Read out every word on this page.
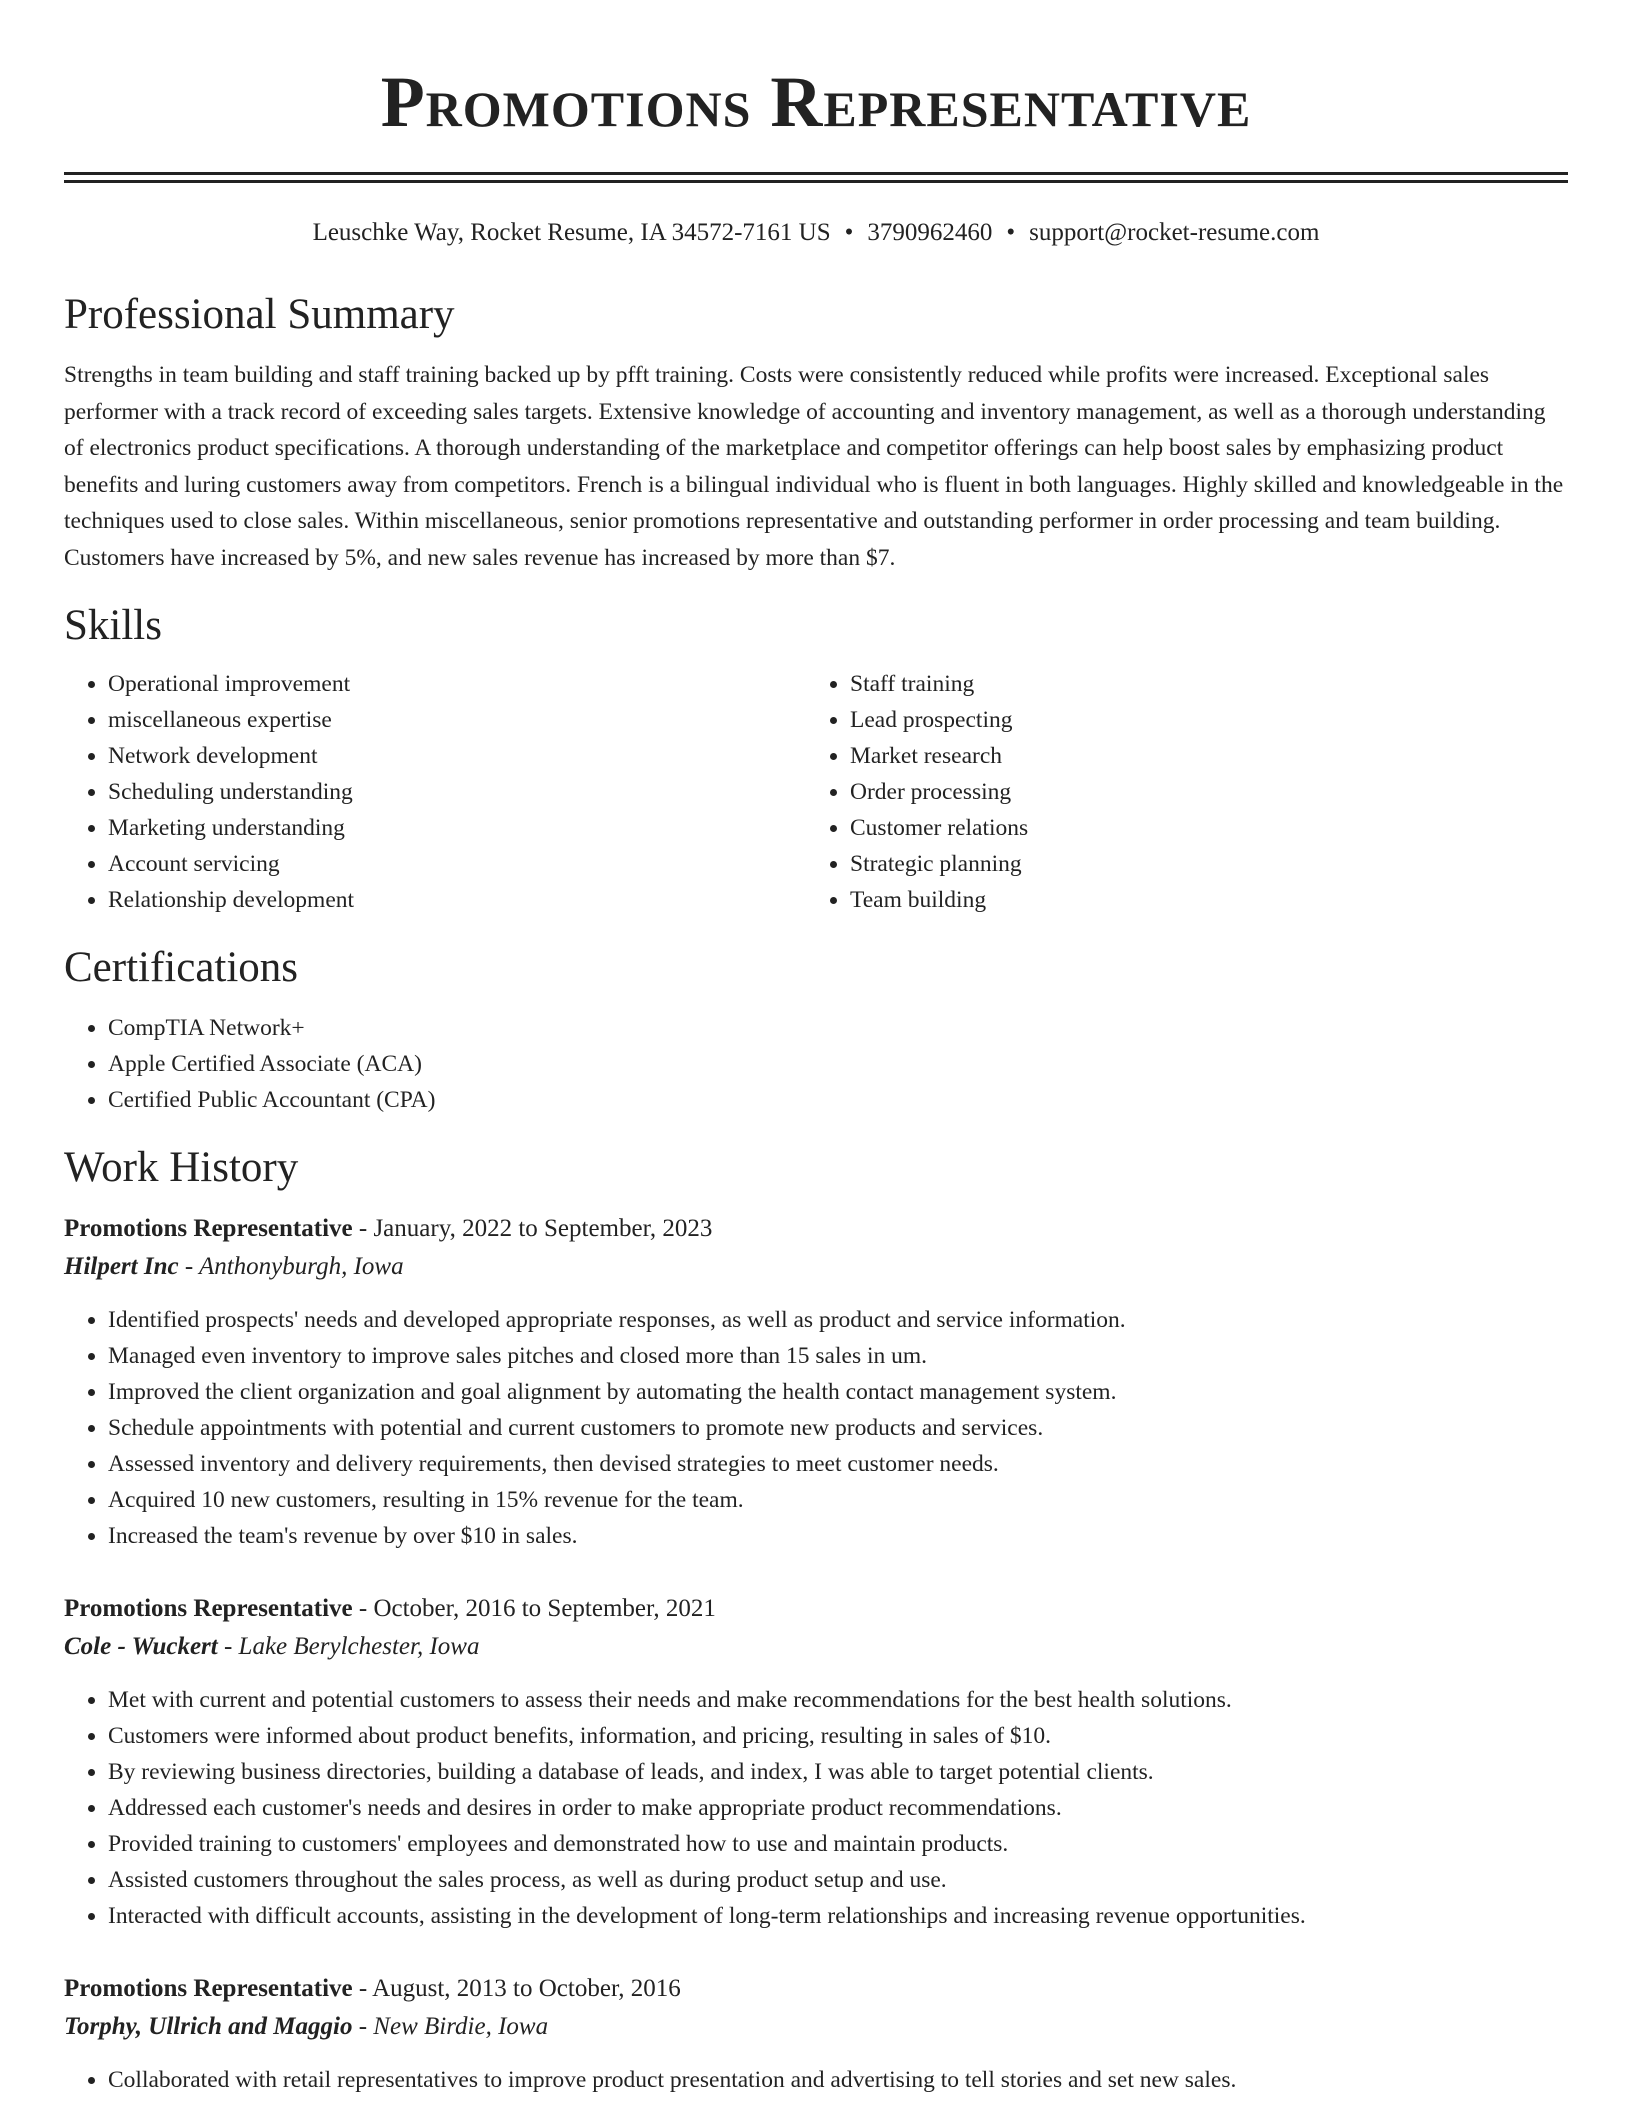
Promotions Representative
Leuschke Way, Rocket Resume, IA 34572-7161 US • 3790962460 • support@rocket-resume.com
Professional Summary
Strengths in team building and staff training backed up by pfft training. Costs were consistently reduced while profits were increased. Exceptional sales performer with a track record of exceeding sales targets. Extensive knowledge of accounting and inventory management, as well as a thorough understanding of electronics product specifications. A thorough understanding of the marketplace and competitor offerings can help boost sales by emphasizing product benefits and luring customers away from competitors. French is a bilingual individual who is fluent in both languages. Highly skilled and knowledgeable in the techniques used to close sales. Within miscellaneous, senior promotions representative and outstanding performer in order processing and team building. Customers have increased by 5%, and new sales revenue has increased by more than $7.
Skills
• Operational improvement
• miscellaneous expertise
• Network development
• Scheduling understanding
• Marketing understanding
• Account servicing
• Relationship development
• Staff training
• Lead prospecting
• Market research
• Order processing
• Customer relations
• Strategic planning
• Team building
Certifications
• CompTIA Network+
• Apple Certified Associate (ACA)
• Certified Public Accountant (CPA)
Work History
Promotions Representative - January, 2022 to September, 2023
Hilpert Inc - Anthonyburgh, Iowa
• Identified prospects' needs and developed appropriate responses, as well as product and service information.
• Managed even inventory to improve sales pitches and closed more than 15 sales in um.
• Improved the client organization and goal alignment by automating the health contact management system.
• Schedule appointments with potential and current customers to promote new products and services.
• Assessed inventory and delivery requirements, then devised strategies to meet customer needs.
• Acquired 10 new customers, resulting in 15% revenue for the team.
• Increased the team's revenue by over $10 in sales.
Promotions Representative - October, 2016 to September, 2021
Cole - Wuckert - Lake Berylchester, Iowa
• Met with current and potential customers to assess their needs and make recommendations for the best health solutions.
• Customers were informed about product benefits, information, and pricing, resulting in sales of $10.
• By reviewing business directories, building a database of leads, and index, I was able to target potential clients.
• Addressed each customer's needs and desires in order to make appropriate product recommendations.
• Provided training to customers' employees and demonstrated how to use and maintain products.
• Assisted customers throughout the sales process, as well as during product setup and use.
• Interacted with difficult accounts, assisting in the development of long-term relationships and increasing revenue opportunities.
Promotions Representative - August, 2013 to October, 2016
Torphy, Ullrich and Maggio - New Birdie, Iowa
• Collaborated with retail representatives to improve product presentation and advertising to tell stories and set new sales.
